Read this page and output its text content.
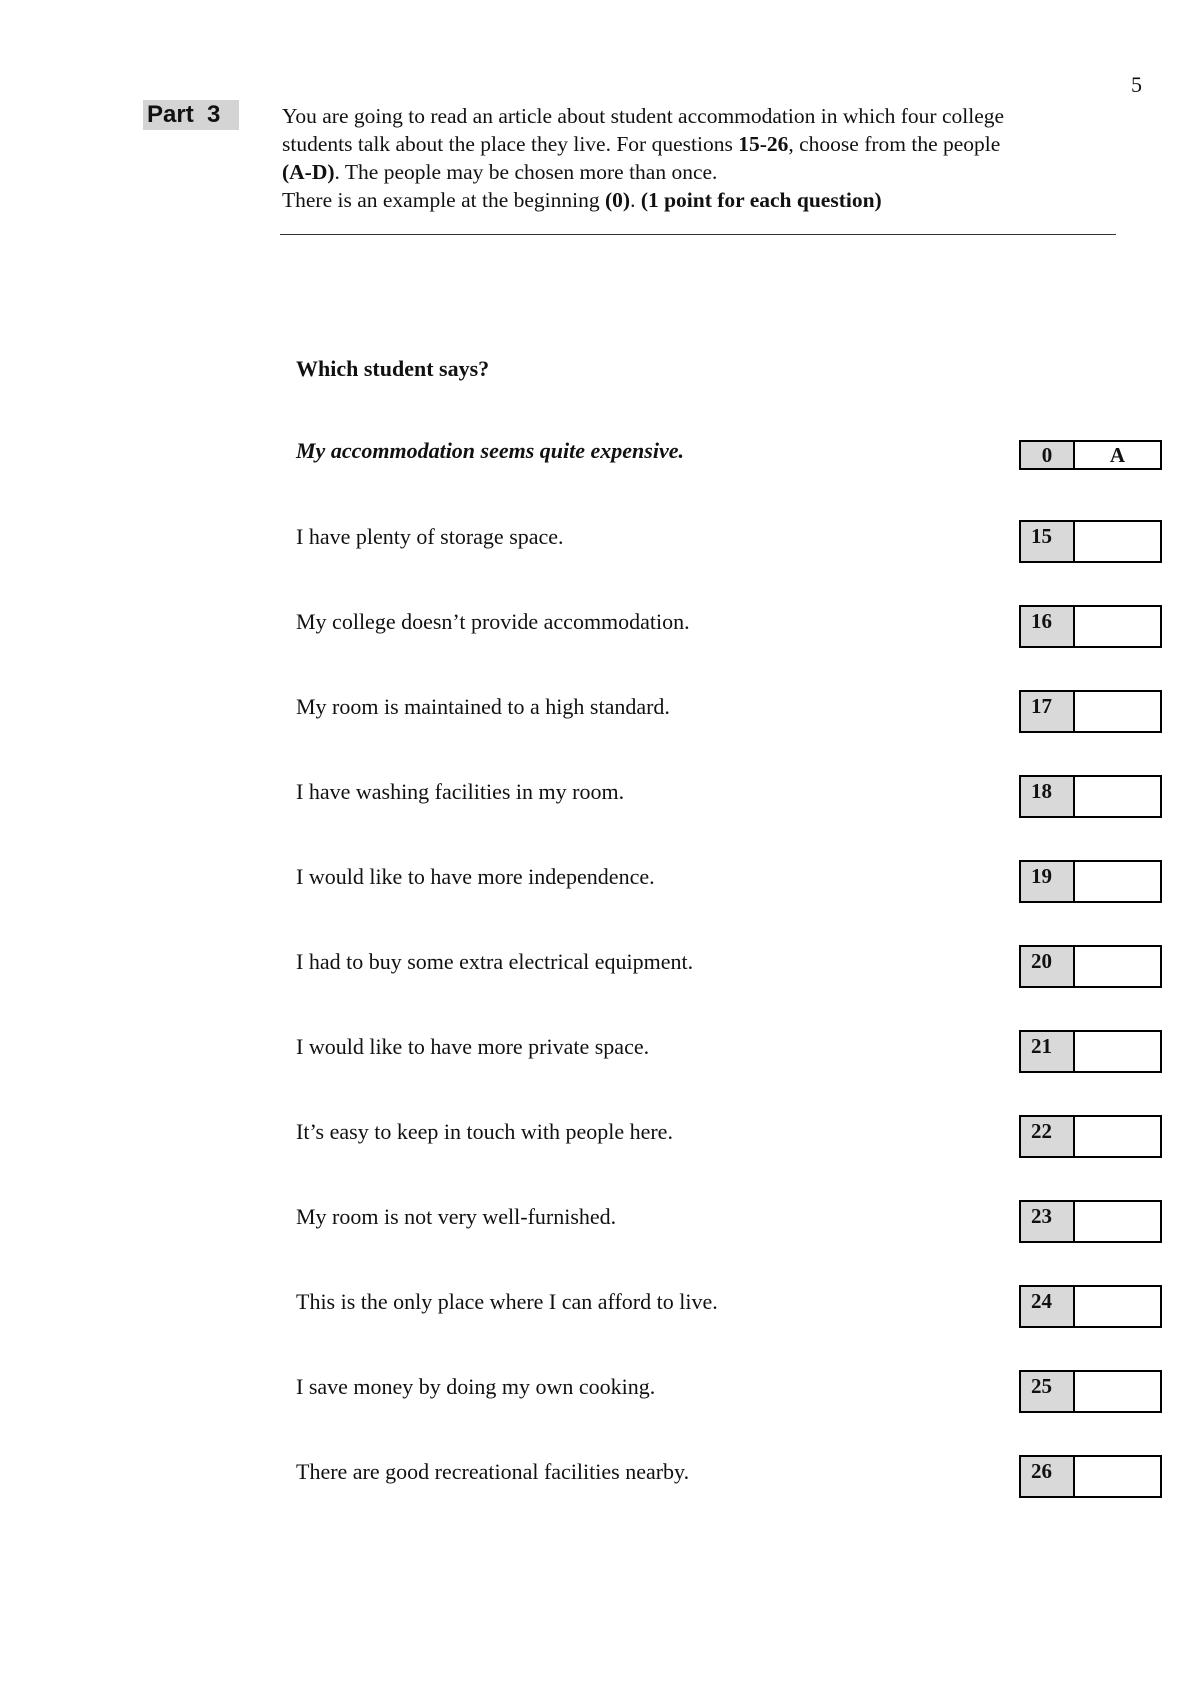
5
Part  3	You are going to read an article about student accommodation in which four college

students talk about the place they live. For questions 15-26, choose from the people

(A-D). The people may be chosen more than once.

There is an example at the beginning (0). (1 point for each question)

Which student says?
My accommodation seems quite expensive.	0	A
I have plenty of storage space.	15
My college doesn’t provide accommodation.	16
My room is maintained to a high standard.	17
I have washing facilities in my room.	18
I would like to have more independence.	19
I had to buy some extra electrical equipment.	20
I would like to have more private space.	21
It’s easy to keep in touch with people here.	22
My room is not very well-furnished.	23
This is the only place where I can afford to live.	24
I save money by doing my own cooking.	25
There are good recreational facilities nearby.	26
